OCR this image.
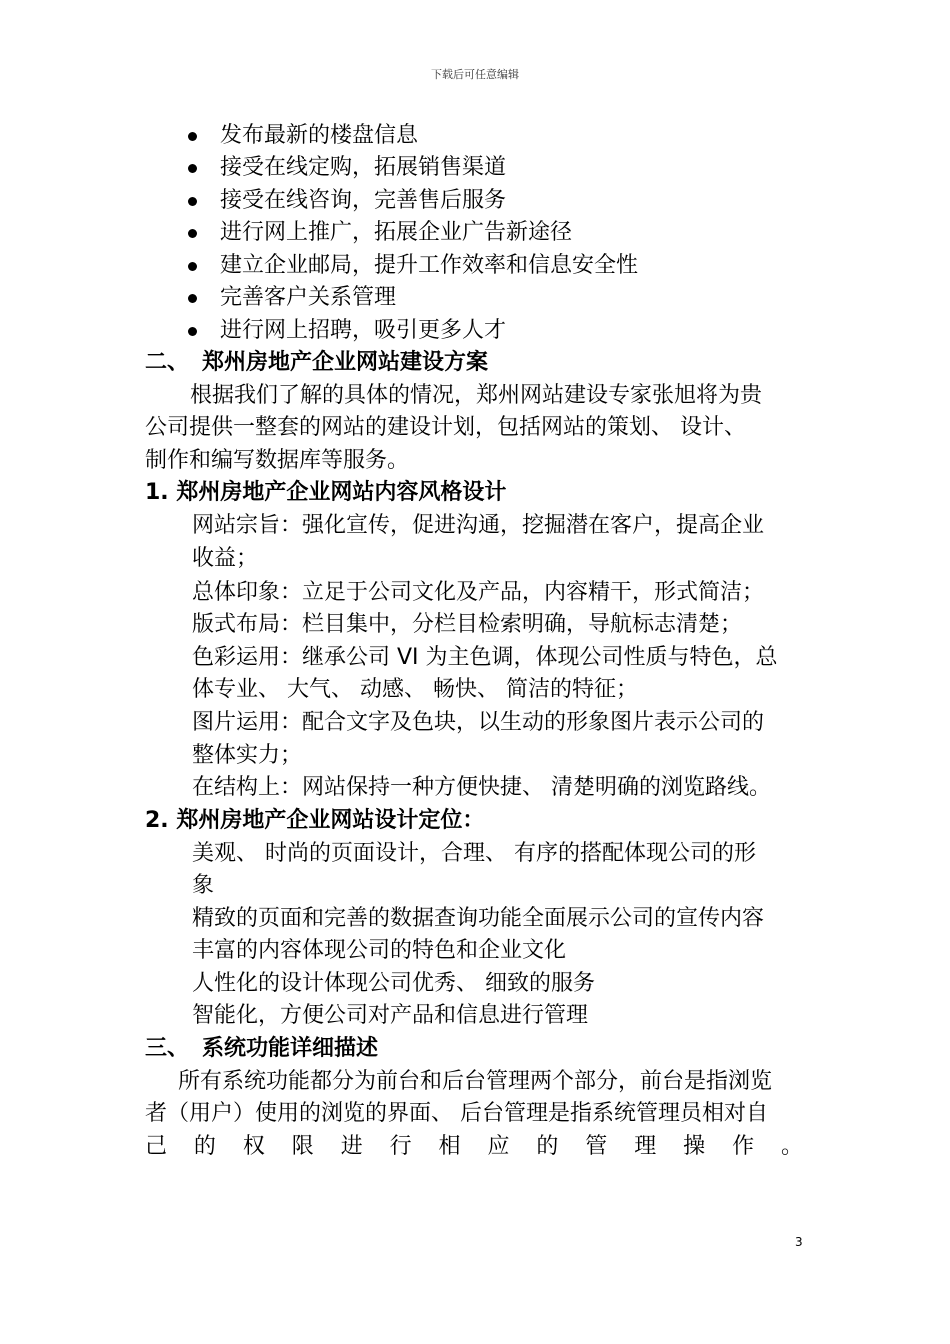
下载后可任意编辑
发布最新的楼盘信息
接受在线定购，拓展销售渠道
接受在线咨询，完善售后服务
进行网上推广，拓展企业广告新途径
建立企业邮局，提升工作效率和信息安全性
完善客户关系管理
进行网上招聘，吸引更多人才
二、 郑州房地产企业网站建设方案
根据我们了解的具体的情况，郑州网站建设专家张旭将为贵
公司提供一整套的网站的建设计划，包括网站的策划、 设计、
制作和编写数据库等服务。
1. 郑州房地产企业网站内容风格设计
网站宗旨：强化宣传，促进沟通，挖掘潜在客户，提高企业
收益；
总体印象：立足于公司文化及产品，内容精干，形式简洁；
版式布局：栏目集中，分栏目检索明确，导航标志清楚；
色彩运用：继承公司 VI 为主色调，体现公司性质与特色，总
体专业、 大气、 动感、 畅快、 简洁的特征；
图片运用：配合文字及色块，以生动的形象图片表示公司的
整体实力；
在结构上：网站保持一种方便快捷、 清楚明确的浏览路线。
2. 郑州房地产企业网站设计定位：
美观、 时尚的页面设计，合理、 有序的搭配体现公司的形
象
精致的页面和完善的数据查询功能全面展示公司的宣传内容
丰富的内容体现公司的特色和企业文化
人性化的设计体现公司优秀、 细致的服务
智能化，方便公司对产品和信息进行管理
三、 系统功能详细描述
所有系统功能都分为前台和后台管理两个部分，前台是指浏览
者（用户）使用的浏览的界面、 后台管理是指系统管理员相对自
己 的 权 限 进 行 相 应 的 管 理 操 作 。
3
